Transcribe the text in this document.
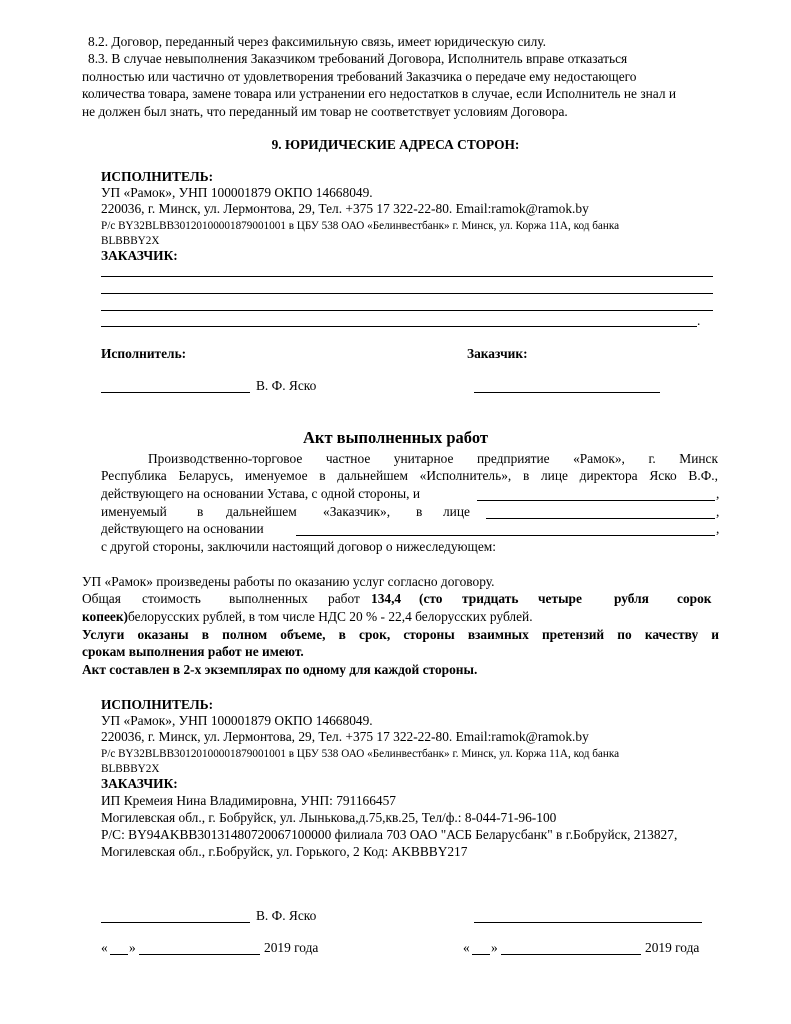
8.2. Договор, переданный через факсимильную связь, имеет юридическую силу.
8.3. В случае невыполнения Заказчиком требований Договора, Исполнитель вправе отказаться
полностью или частично от удовлетворения требований Заказчика о передаче ему недостающего
количества товара, замене товара или устранении его недостатков в случае, если Исполнитель не знал и
не должен был знать, что переданный им товар не соответствует условиям Договора.
9. ЮРИДИЧЕСКИЕ АДРЕСА СТОРОН:
ИСПОЛНИТЕЛЬ:
УП «Рамок», УНП 100001879 ОКПО 14668049.
220036, г. Минск, ул. Лермонтова, 29, Тел. +375 17 322-22-80. Email:ramok@ramok.by
Р/с BY32BLBB30120100001879001001 в ЦБУ 538 ОАО «Белинвестбанк» г. Минск, ул. Коржа 11А, код банка
BLBBBY2X
ЗАКАЗЧИК:
.
Исполнитель:	Заказчик:
В. Ф. Яско
Акт выполненных работ
Производственно-торговое частное унитарное предприятие «Рамок», г. Минск
Республика Беларусь, именуемое в дальнейшем «Исполнитель», в лице директора Яско В.Ф.,
действующего на основании Устава, с одной стороны, и	,
именуемый в дальнейшем «Заказчик», в лице	,
действующего на основании	,
с другой стороны, заключили настоящий договор о нижеследующем:
УП «Рамок» произведены работы по оказанию услуг согласно договору.
Общая стоимость выполненных работ 134,4 (сто тридцать четыре рубля сорок
копеек)белорусских рублей, в том числе НДС 20 % - 22,4 белорусских рублей.
Услуги оказаны в полном объеме, в срок, стороны взаимных претензий по качеству и
срокам выполнения работ не имеют.
Акт составлен в 2-х экземплярах по одному для каждой стороны.
ИСПОЛНИТЕЛЬ:
УП «Рамок», УНП 100001879 ОКПО 14668049.
220036, г. Минск, ул. Лермонтова, 29, Тел. +375 17 322-22-80. Email:ramok@ramok.by
Р/с BY32BLBB30120100001879001001 в ЦБУ 538 ОАО «Белинвестбанк» г. Минск, ул. Коржа 11А, код банка
BLBBBY2X
ЗАКАЗЧИК:
ИП Кремеия Нина Владимировна, УНП: 791166457
Могилевская обл., г. Бобруйск, ул. Лынькова,д.75,кв.25, Тел/ф.: 8-044-71-96-100
Р/С: BY94AKBB30131480720067100000 филиала 703 ОАО "АСБ Беларусбанк" в г.Бобруйск, 213827,
Могилевская обл., г.Бобруйск, ул. Горького, 2 Код: AKBBBY217
В. Ф. Яско
« »	2019 года	« »	2019 года
